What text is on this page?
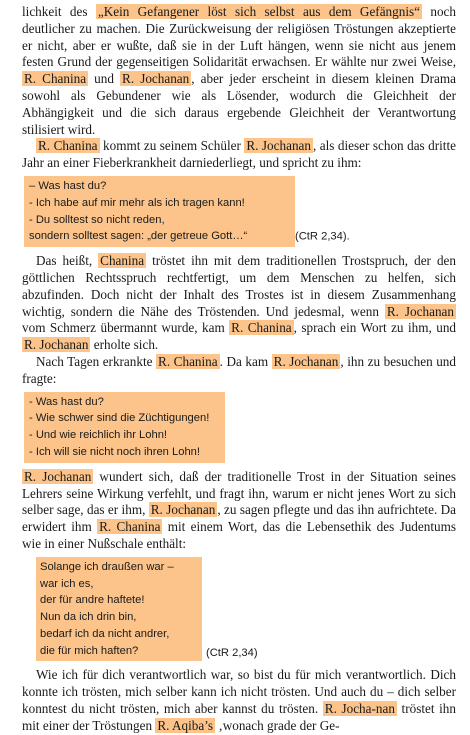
lichkeit des „Kein Gefangener löst sich selbst aus dem Gefängnis“ noch deutlicher zu machen. Die Zurückweisung der religiösen Tröstungen akzeptierte er nicht, aber er wußte, daß sie in der Luft hängen, wenn sie nicht aus jenem festen Grund der gegenseitigen Solidarität erwachsen. Er wählte nur zwei Weise, R. Chanina und R. Jochanan , aber jeder erscheint in diesem kleinen Drama sowohl als Gebundener wie als Lösender, wodurch die Gleichheit der Abhängigkeit und die sich daraus ergebende Gleichheit der Verantwortung stilisiert wird.

R. Chanina kommt zu seinem Schüler R. Jochanan , als dieser schon das dritte Jahr an einer Fieberkrankheit darniederliegt, und spricht zu ihm:

– Was hast du?
- Ich habe auf mir mehr als ich tragen kann!
- Du solltest so nicht reden,
sondern solltest sagen: „der getreue Gott…“	(CtR 2,34).

Das heißt, Chanina tröstet ihn mit dem traditionellen Trostspruch, der den göttlichen Rechtsspruch rechtfertigt, um dem Menschen zu helfen, sich abzufinden. Doch nicht der Inhalt des Trostes ist in diesem Zusammenhang wichtig, sondern die Nähe des Tröstenden. Und jedesmal, wenn R. Jochanan vom Schmerz übermannt wurde, kam R. Chanina , sprach ein Wort zu ihm, und R. Jochanan erholte sich.

Nach Tagen erkrankte R. Chanina . Da kam R. Jochanan , ihn zu besuchen und fragte:

- Was hast du?
- Wie schwer sind die Züchtigungen!
- Und wie reichlich ihr Lohn!
- Ich will sie nicht noch ihren Lohn!

R. Jochanan wundert sich, daß der traditionelle Trost in der Situation seines Lehrers seine Wirkung verfehlt, und fragt ihn, warum er nicht jenes Wort zu sich selber sage, das er ihm, R. Jochanan , zu sagen pflegte und das ihn aufrichtete. Da erwidert ihm R. Chanina mit einem Wort, das die Lebensethik des Judentums wie in einer Nußschale enthält:

Solange ich draußen war –
war ich es,
der für andre haftete!
Nun da ich drin bin,
bedarf ich da nicht andrer,
die für mich haften?	(CtR 2,34)

Wie ich für dich verantwortlich war, so bist du für mich verantwortlich. Dich konnte ich trösten, mich selber kann ich nicht trösten. Und auch du – dich selber konntest du nicht trösten, mich aber kannst du trösten. R. Jocha-nan tröstet ihn mit einer der Tröstungen R. Aqiba’s ‚wonach grade der Ge-
